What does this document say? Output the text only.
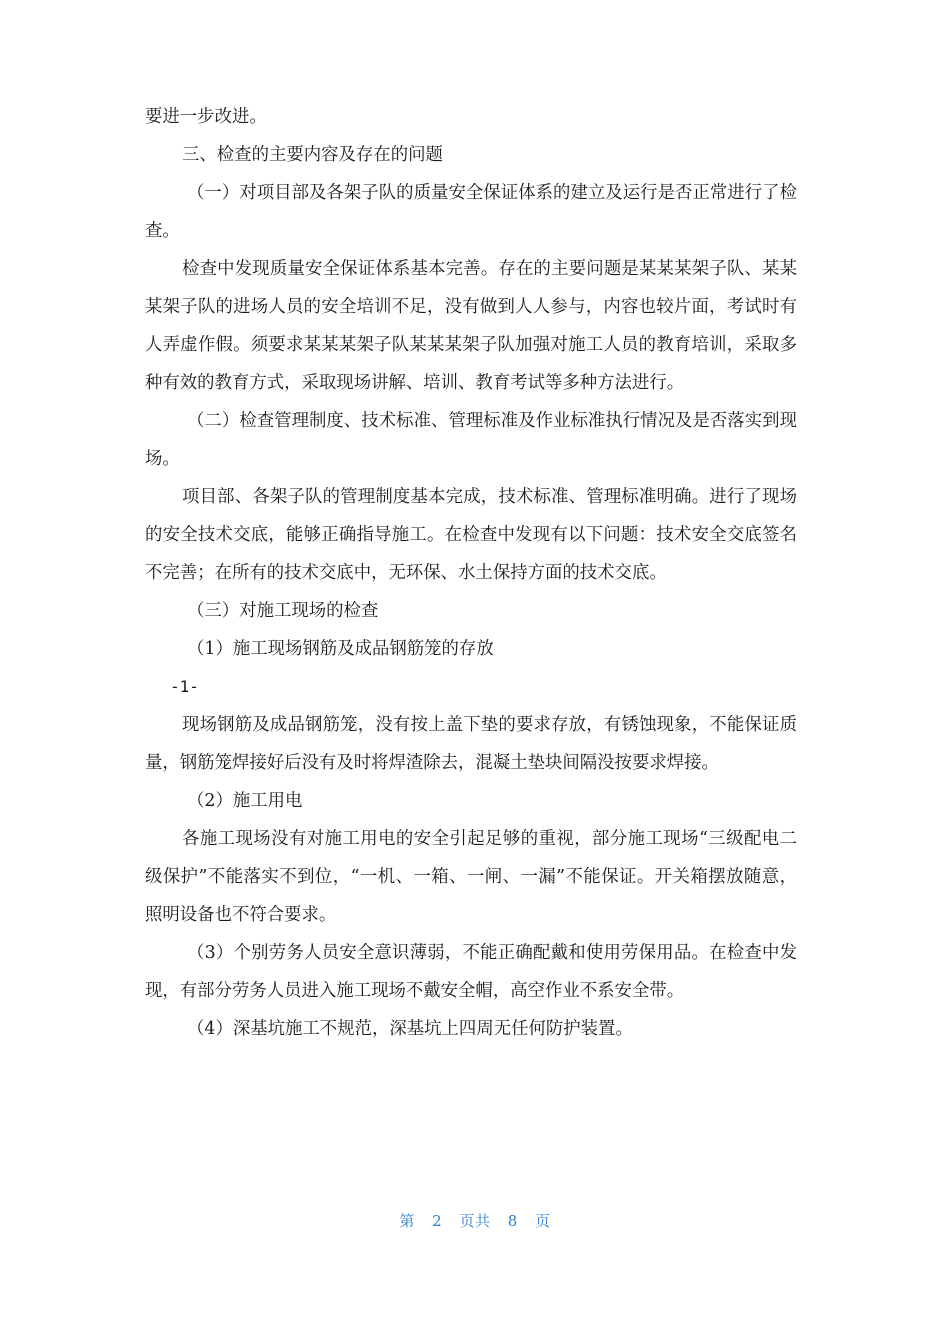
要进一步改进。

三、检查的主要内容及存在的问题

（一）对项目部及各架子队的质量安全保证体系的建立及运行是否正常进行了检查。

检查中发现质量安全保证体系基本完善。存在的主要问题是某某某架子队、某某某架子队的进场人员的安全培训不足，没有做到人人参与，内容也较片面，考试时有人弄虚作假。须要求某某某架子队某某某架子队加强对施工人员的教育培训，采取多种有效的教育方式，采取现场讲解、培训、教育考试等多种方法进行。

（二）检查管理制度、技术标准、管理标准及作业标准执行情况及是否落实到现场。

项目部、各架子队的管理制度基本完成，技术标准、管理标准明确。进行了现场的安全技术交底，能够正确指导施工。在检查中发现有以下问题：技术安全交底签名不完善；在所有的技术交底中，无环保、水土保持方面的技术交底。

（三）对施工现场的检查

（1）施工现场钢筋及成品钢筋笼的存放

-1-

现场钢筋及成品钢筋笼，没有按上盖下垫的要求存放，有锈蚀现象，不能保证质量，钢筋笼焊接好后没有及时将焊渣除去，混凝土垫块间隔没按要求焊接。

（2）施工用电

各施工现场没有对施工用电的安全引起足够的重视，部分施工现场“三级配电二级保护”不能落实不到位，“一机、一箱、一闸、一漏”不能保证。开关箱摆放随意，照明设备也不符合要求。

（3）个别劳务人员安全意识薄弱，不能正确配戴和使用劳保用品。在检查中发现，有部分劳务人员进入施工现场不戴安全帽，高空作业不系安全带。

（4）深基坑施工不规范，深基坑上四周无任何防护装置。

第 2 页共 8 页
